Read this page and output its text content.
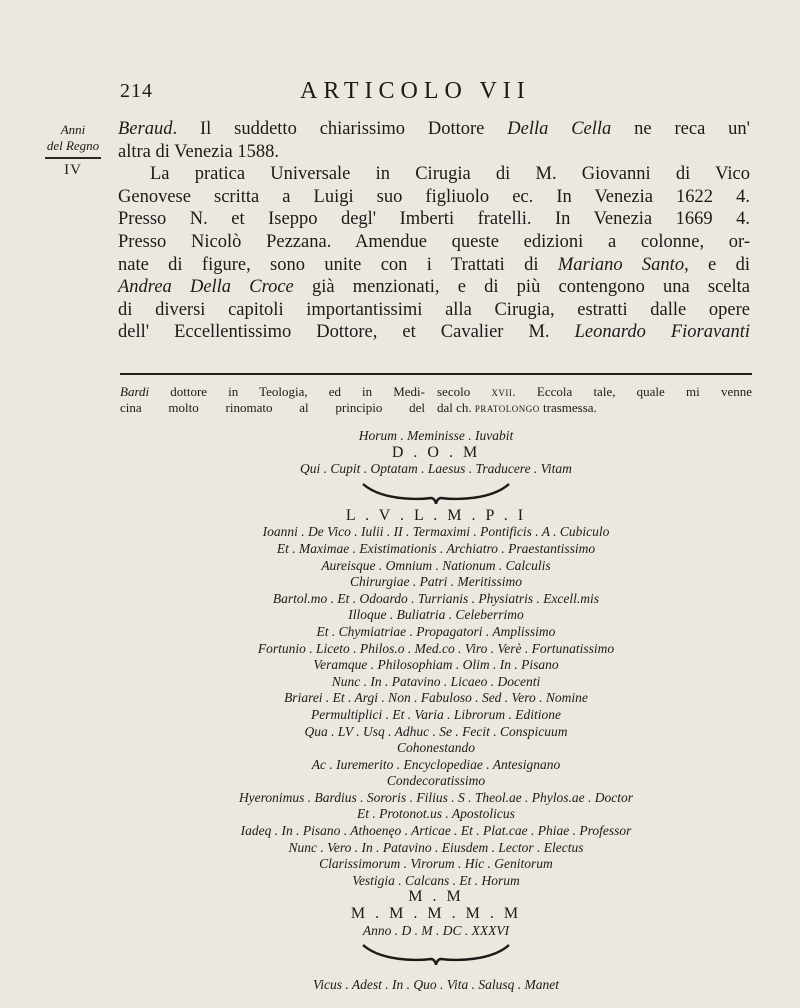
214	ARTICOLO VII
Anni
del Regno
IV

Beraud. Il suddetto chiarissimo Dottore Della Cella ne reca un'
altra di Venezia 1588.

La pratica Universale in Cirugia di M. Giovanni di Vico
Genovese scritta a Luigi suo figliuolo ec. In Venezia 1622 4.
Presso N. et Iseppo degl' Imberti fratelli. In Venezia 1669 4.
Presso Nicolò Pezzana. Amendue queste edizioni a colonne, or-
nate di figure, sono unite con i Trattati di Mariano Santo, e di
Andrea Della Croce già menzionati, e di più contengono una scelta
di diversi capitoli importantissimi alla Cirugia, estratti dalle opere
dell' Eccellentissimo Dottore, et Cavalier M. Leonardo Fioravanti

Bardi dottore in Teologia, ed in Medi-
cina molto rinomato al principio del
secolo xvii. Eccola tale, quale mi venne
dal ch. pratolongo trasmessa.
Horum . Meminisse . Iuvabit
D . O . M
Qui . Cupit . Optatam . Laesus . Traducere . Vitam
L . V . L . M . P . I
Ioanni . De Vico . Iulii . II . Termaximi . Pontificis . A . Cubiculo
Et . Maximae . Existimationis . Archiatro . Praestantissimo
Aureisque . Omnium . Nationum . Calculis
Chirurgiae . Patri . Meritissimo
Bartol.mo . Et . Odoardo . Turrianis . Physiatris . Excell.mis
Illoque . Buliatria . Celeberrimo
Et . Chymiatriae . Propagatori . Amplissimo
Fortunio . Liceto . Philos.o . Med.co . Viro . Verè . Fortunatissimo
Veramque . Philosophiam . Olim . In . Pisano
Nunc . In . Patavino . Licaeo . Docenti
Briarei . Et . Argi . Non . Fabuloso . Sed . Vero . Nomine
Permultiplici . Et . Varia . Librorum . Editione
Qua . LV . Usq . Adhuc . Se . Fecit . Conspicuum
Cohonestando
Ac . Iuremerito . Encyclopediae . Antesignano
Condecoratissimo
Hyeronimus . Bardius . Sororis . Filius . S . Theol.ae . Phylos.ae . Doctor
Et . Protonot.us . Apostolicus
Iadeq . In . Pisano . Athoenęo . Articae . Et . Plat.cae . Phiae . Professor
Nunc . Vero . In . Patavino . Eiusdem . Lector . Electus
Clarissimorum . Virorum . Hic . Genitorum
Vestigia . Calcans . Et . Horum
M . M
M . M . M . M . M
Anno . D . M . DC . XXXVI
Vicus . Adest . In . Quo . Vita . Salusq . Manet
